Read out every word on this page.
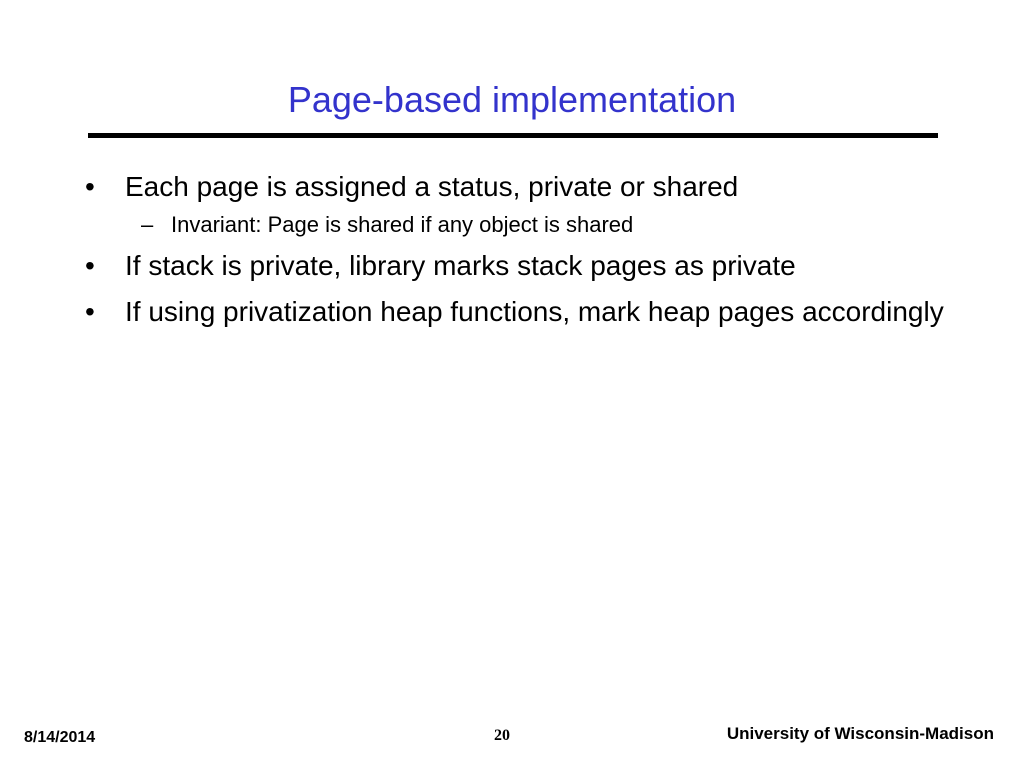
Page-based implementation
•	Each page is assigned a status, private or shared
– Invariant: Page is shared if any object is shared
•	If stack is private, library marks stack pages as private
•	If using privatization heap functions, mark heap pages accordingly
8/14/2014	20	University of Wisconsin-Madison
